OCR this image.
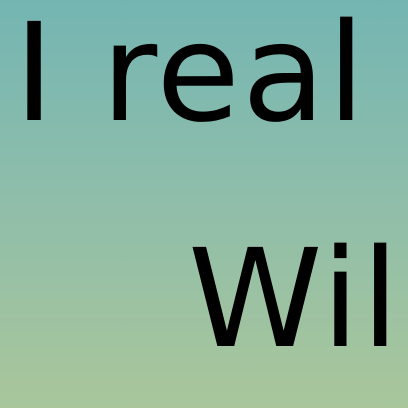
I real
Wil
